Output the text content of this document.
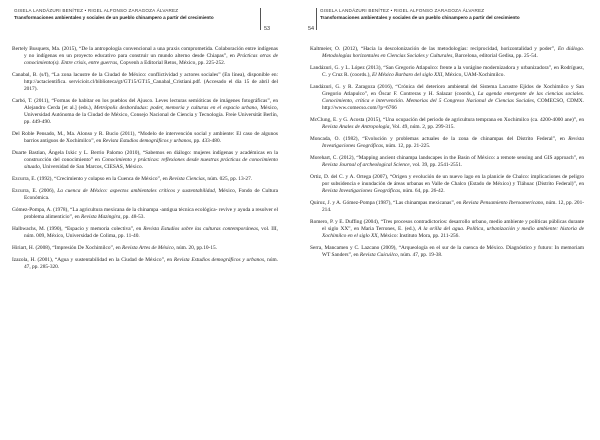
GISELA LANDÁZURI BENÍTEZ • RIGEL ALFONSO ZARAGOZA ÁLVAREZ
Transformaciones ambientales y sociales de un pueblo chinampero a partir del crecimiento
53

Bertely Busquets, Ma. (2015), “De la antropología convencional a una praxis comprometida. Colaboración entre indígenas y no indígenas en un proyecto educativo para construir un mundo alterno desde Chiapas”, en Prácticas otras de conocimiento(s). Entre crisis, entre guerras, Copvenh a Editorial Retos, México, pp. 225-252.

Canabal, B. (s/f), “La zona lacustre de la Ciudad de México: conflictividad y actores sociales” (En línea), disponible en: http://actacientifica. servicioit.cl/biblioteca/gt/GT15/GT15_Canabal_Cristiani.pdf. (Accesado el día 15 de abril del 2017).

Carbó, T. (2011), “Formas de habitar en los pueblos del Ajusco. Leves lecturas semióticas de imágenes fotográficas”, en Alejandro Cerda [et al.] (eds.), Metrópolis desbordadas: poder, memoria y culturas en el espacio urbano, México, Universidad Autónoma de la Ciudad de México, Consejo Nacional de Ciencia y Tecnología. Freie Universität Berlín, pp. 449-490.

Del Roble Pensado, M., Ma. Alonso y R. Bucio (2011), “Modelo de intervención social y ambiente: El caso de algunos barrios antiguos de Xochimilco”, en Revista Estudios demográficos y urbanos, pp. 433-480.

Duarte Bastian, Ángela Ixkic y L. Berrio Palomo (2010), “Sabemos en diálogo: mujeres indígenas y académicas en la construcción del conocimiento” en Conocimiento y prácticas: reflexiones desde nuestras prácticas de conocimiento situado, Universidad de San Marcos, CIESAS, México.

Ezcurra, E. (1992), “Crecimiento y colapso en la Cuenca de México”, en Revista Ciencias, núm. 025, pp. 13-27.

Ezcurra, E. (2006), La cuenca de México: aspectos ambientales críticos y sustentabilidad, México, Fondo de Cultura Económica.

Gómez-Pompa, A. (1978), “La agricultura mexicana de la chinampa -antigua técnica ecológica- revive y ayuda a resolver el problema alimenticio”, en Revista Mazingira, pp. 48-53.

Halbwachs, M. (1990), “Espacio y memoria colectiva”, en Revista Estudios sobre las culturas contemporáneas, vol. III, núm. 009, México, Universidad de Colima, pp. 11-40.

Hiriart, H. (2008), “Impresión De Xochimilco”, en Revista Artes de México, núm. 20, pp.10-15.

Izazola, H. (2001), “Agua y sustentabilidad en la Ciudad de México”, en Revista Estudios demográficos y urbanos, núm. 47, pp. 285-320.

54
GISELA LANDÁZURI BENÍTEZ • RIGEL ALFONSO ZARAGOZA ÁLVAREZ
Transformaciones ambientales y sociales de un pueblo chinampero a partir del crecimiento

Kaltmeier, O. (2012), “Hacia la descolonización de las metodologías: reciprocidad, horizontalidad y poder”, En diálogo. Metodologías horizontales en Ciencias Sociales y Culturales, Barcelona, editorial Gedisa, pp. 25-54.

Landázuri, G. y L. López (2013), “San Gregorio Atlapulco: frente a la vorágine modernizadora y urbanizadora”, en Rodríguez, C. y Cruz R. (coords.), El México Barbaro del siglo XXI, México, UAM-Xochimilco.

Landázuri, G. y R. Zaragoza (2016), “Crónica del deterioro ambiental del Sistema Lacustre Ejidos de Xochimilco y San Gregorio Atlapulco”, en Óscar F. Contreras y H. Salazar (coords.), La agenda emergente de las ciencias sociales. Conocimiento, crítica e intervención. Memorias del 5 Congreso Nacional de Ciencias Sociales, COMECSO, CDMX. http://www.comecso.com/?p=6766

McClung, E. y G. Acosta (2015), “Una ocupación del periodo de agricultura temprana en Xochimilco (ca. 4200-4000 ane)”, en Revista Anales de Antropología, Vol. 49, núm. 2, pp. 299-315.

Moncada, O. (1982), “Evolución y problemas actuales de la zona de chinampas del Distrito Federal”, en Revista Investigaciones Geográficas, núm. 12, pp. 21-225.

Morehart, C. (2012), “Mapping ancient chinampa landscapes in the Basin of México: a remote sensing and GIS approach”, en Revista Journal of archeological Science, vol. 39, pp. 2541-2551.

Ortiz, D. del C. y A. Ortega (2007), “Origen y evolución de un nuevo lago en la planicie de Chalco: implicaciones de peligro por subsidencia e inundación de áreas urbanas en Valle de Chalco (Estado de México) y Tláhuac (Distrito Federal)”, en Revista Investigaciones Geográficas, núm. 64, pp. 26-42.

Quiroz, J. y A. Gómez-Pompa (1987), “Las chinampas mexicanas”, en Revista Pensamiento Iberoamericano, núm. 12, pp. 201-214.

Romero, P. y E. Duffing (2004), “Tres procesos contradictorios: desarrollo urbano, medio ambiente y políticas públicas durante el siglo XX”, en Maria Terrones, E. (ed.), A la orilla del agua. Política, urbanización y medio ambiente: historia de Xochimilco en el siglo XX, México: Instituto Mora, pp. 211-256.

Serra, Mancamen y C. Lazcano (2009), “Arqueología en el sur de la cuenca de México. Diagnóstico y futuro: In memoriam WT Sanders”, en Revista Cuicuilco, núm. 47, pp. 19-38.
